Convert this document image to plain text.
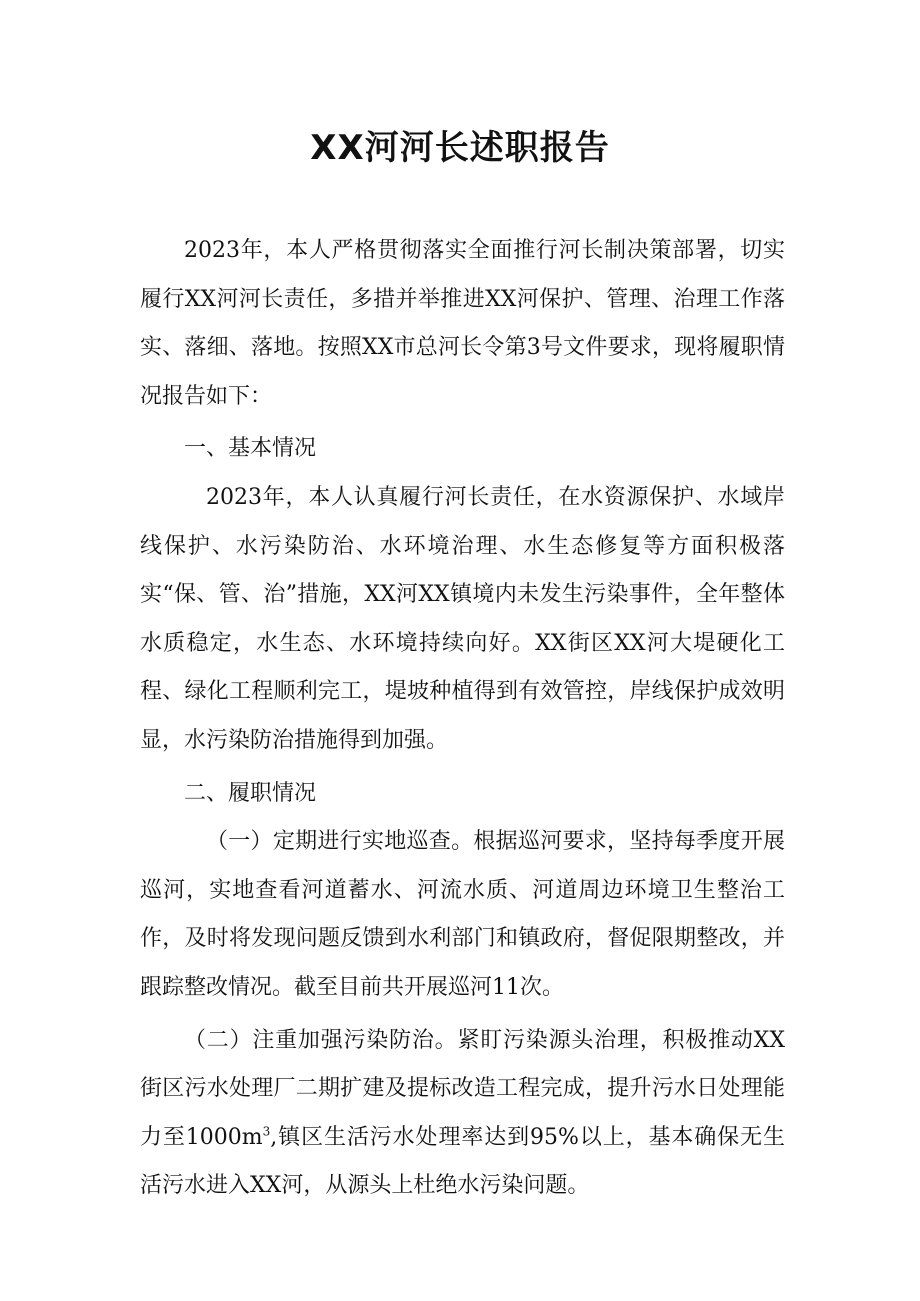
XX河河长述职报告

2023年，本人严格贯彻落实全面推行河长制决策部署，切实履行XX河河长责任，多措并举推进XX河保护、管理、治理工作落实、落细、落地。按照XX市总河长令第3号文件要求，现将履职情况报告如下：

一、基本情况

2023年，本人认真履行河长责任，在水资源保护、水域岸线保护、水污染防治、水环境治理、水生态修复等方面积极落实“保、管、治”措施，XX河XX镇境内未发生污染事件，全年整体水质稳定，水生态、水环境持续向好。XX街区XX河大堤硬化工程、绿化工程顺利完工，堤坡种植得到有效管控，岸线保护成效明显，水污染防治措施得到加强。

二、履职情况

（一）定期进行实地巡查。根据巡河要求，坚持每季度开展巡河，实地查看河道蓄水、河流水质、河道周边环境卫生整治工作，及时将发现问题反馈到水利部门和镇政府，督促限期整改，并跟踪整改情况。截至目前共开展巡河11次。

（二）注重加强污染防治。紧盯污染源头治理，积极推动XX街区污水处理厂二期扩建及提标改造工程完成，提升污水日处理能力至$1000m^3$,镇区生活污水处理率达到95%以上，基本确保无生活污水进入XX河，从源头上杜绝水污染问题。
